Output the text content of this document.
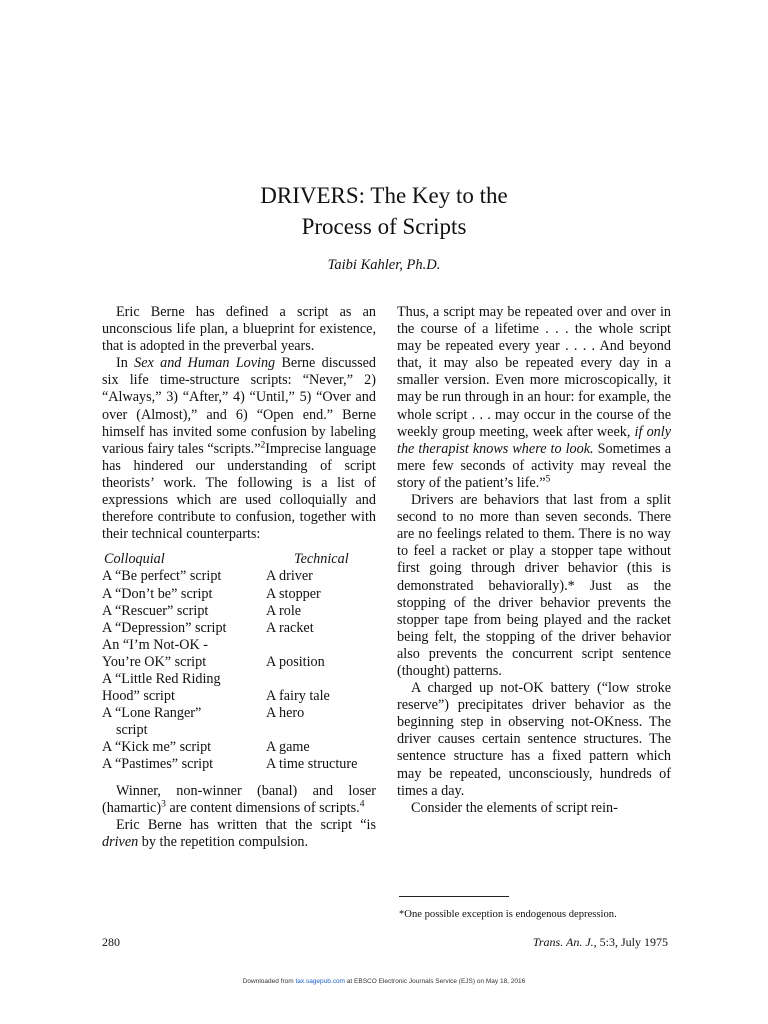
DRIVERS: The Key to the
Process of Scripts
Taibi Kahler, Ph.D.

Eric Berne has defined a script as an unconscious life plan, a blueprint for existence, that is adopted in the preverbal years.

In Sex and Human Loving Berne discussed six life time-structure scripts: “Never,” 2) “Always,” 3) “After,” 4) “Until,” 5) “Over and over (Almost),” and 6) “Open end.” Berne himself has invited some confusion by labeling various fairy tales “scripts.”$^2$Imprecise language has hindered our understanding of script theorists’ work. The following is a list of expressions which are used colloquially and therefore contribute to confusion, together with their technical counterparts:

Colloquial	Technical
A “Be perfect” script	A driver
A “Don’t be” script	A stopper
A “Rescuer” script	A role
A “Depression” script	A racket
An “I’m Not-OK -
You’re OK” script	A position
A “Little Red Riding
Hood” script	A fairy tale
A “Lone Ranger”	A hero
script
A “Kick me” script	A game
A “Pastimes” script	A time structure

Winner, non-winner (banal) and loser (hamartic)$^3$ are content dimensions of scripts.$^4$

Eric Berne has written that the script “is driven by the repetition compulsion.

Thus, a script may be repeated over and over in the course of a lifetime . . . the whole script may be repeated every year . . . . And beyond that, it may also be repeated every day in a smaller version. Even more microscopically, it may be run through in an hour: for example, the whole script . . . may occur in the course of the weekly group meeting, week after week, if only the therapist knows where to look. Sometimes a mere few seconds of activity may reveal the story of the patient’s life.”$^5$

Drivers are behaviors that last from a split second to no more than seven seconds. There are no feelings related to them. There is no way to feel a racket or play a stopper tape without first going through driver behavior (this is demonstrated behaviorally).* Just as the stopping of the driver behavior prevents the stopper tape from being played and the racket being felt, the stopping of the driver behavior also prevents the concurrent script sentence (thought) patterns.

A charged up not-OK battery (“low stroke reserve”) precipitates driver behavior as the beginning step in observing not-OKness. The driver causes certain sentence structures. The sentence structure has a fixed pattern which may be repeated, unconsciously, hundreds of times a day.

Consider the elements of script rein-

*One possible exception is endogenous depression.
280	Trans. An. J., 5:3, July 1975
Downloaded from tax.sagepub.com at EBSCO Electronic Journals Service (EJS) on May 18, 2016
